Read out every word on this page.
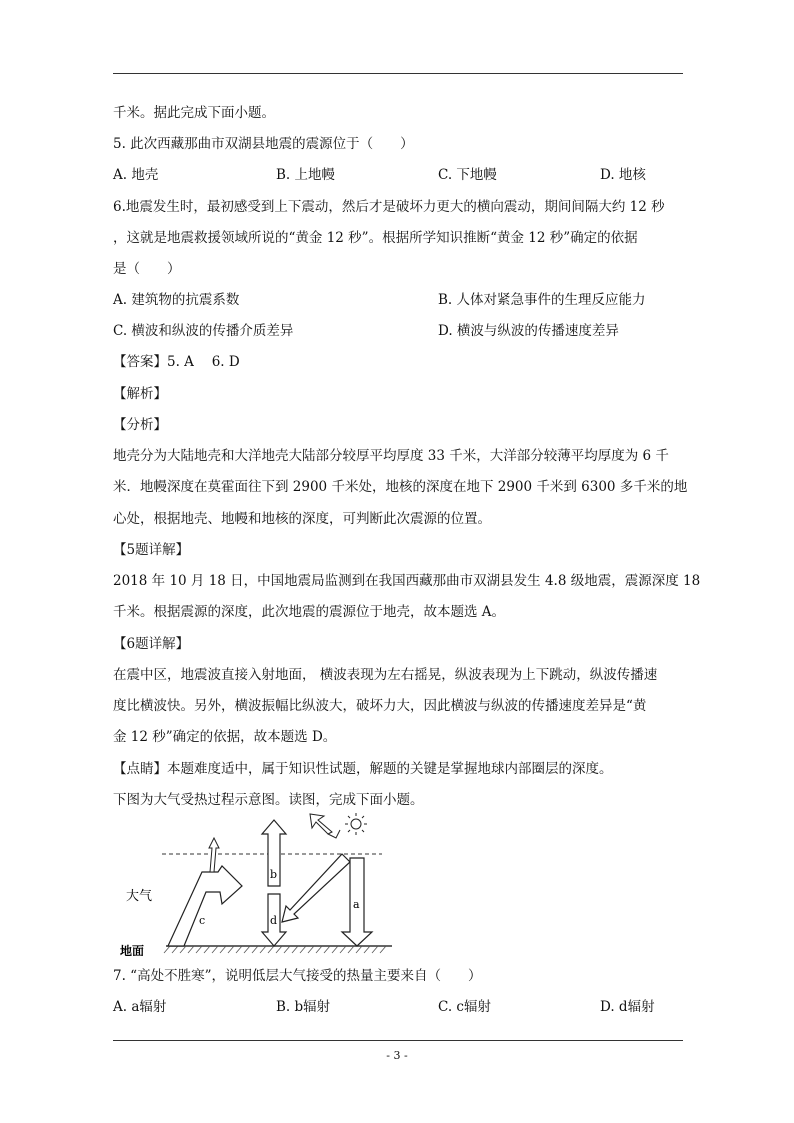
千米。据此完成下面小题。
5. 此次西藏那曲市双湖县地震的震源位于（　　）
A. 地壳	B. 上地幔	C. 下地幔	D. 地核
6.地震发生时，最初感受到上下震动，然后才是破坏力更大的横向震动，期间间隔大约 12 秒
，这就是地震救援领域所说的“黄金 12 秒”。根据所学知识推断“黄金 12 秒”确定的依据
是（　　）
A. 建筑物的抗震系数	B. 人体对紧急事件的生理反应能力
C. 横波和纵波的传播介质差异	D. 横波与纵波的传播速度差异
【答案】5. A　 6. D
【解析】
【分析】
地壳分为大陆地壳和大洋地壳大陆部分较厚平均厚度 33 千米，大洋部分较薄平均厚度为 6 千
米．地幔深度在莫霍面往下到 2900 千米处，地核的深度在地下 2900 千米到 6300 多千米的地
心处，根据地壳、地幔和地核的深度，可判断此次震源的位置。
【5题详解】
2018 年 10 月 18 日，中国地震局监测到在我国西藏那曲市双湖县发生 4.8 级地震，震源深度 18
千米。根据震源的深度，此次地震的震源位于地壳，故本题选 A。
【6题详解】
在震中区，地震波直接入射地面， 横波表现为左右摇晃，纵波表现为上下跳动，纵波传播速
度比横波快。另外，横波振幅比纵波大，破坏力大，因此横波与纵波的传播速度差异是“黄
金 12 秒”确定的依据，故本题选 D。
【点睛】本题难度适中，属于知识性试题，解题的关键是掌握地球内部圈层的深度。
下图为大气受热过程示意图。读图，完成下面小题。
大气
地面
b
d
c
a
7. “高处不胜寒”，说明低层大气接受的热量主要来自（　　）
A. a辐射	B. b辐射	C. c辐射	D. d辐射
- 3 -
